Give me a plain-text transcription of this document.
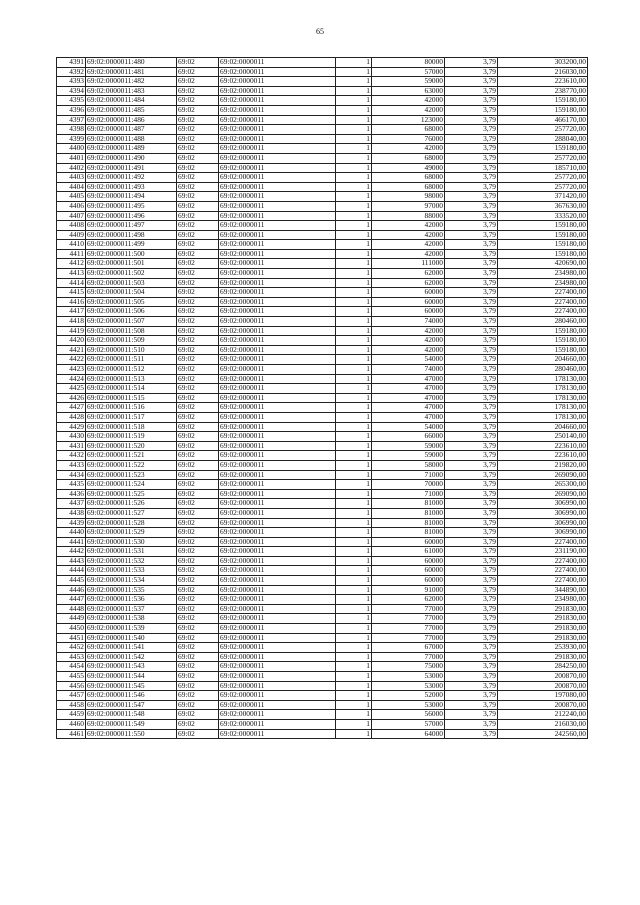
65
4391	69:02:0000011:480	69:02	69:02:0000011	1	80000	3,79	303200,00
4392	69:02:0000011:481	69:02	69:02:0000011	1	57000	3,79	216030,00
4393	69:02:0000011:482	69:02	69:02:0000011	1	59000	3,79	223610,00
4394	69:02:0000011:483	69:02	69:02:0000011	1	63000	3,79	238770,00
4395	69:02:0000011:484	69:02	69:02:0000011	1	42000	3,79	159180,00
4396	69:02:0000011:485	69:02	69:02:0000011	1	42000	3,79	159180,00
4397	69:02:0000011:486	69:02	69:02:0000011	1	123000	3,79	466170,00
4398	69:02:0000011:487	69:02	69:02:0000011	1	68000	3,79	257720,00
4399	69:02:0000011:488	69:02	69:02:0000011	1	76000	3,79	288040,00
4400	69:02:0000011:489	69:02	69:02:0000011	1	42000	3,79	159180,00
4401	69:02:0000011:490	69:02	69:02:0000011	1	68000	3,79	257720,00
4402	69:02:0000011:491	69:02	69:02:0000011	1	49000	3,79	185710,00
4403	69:02:0000011:492	69:02	69:02:0000011	1	68000	3,79	257720,00
4404	69:02:0000011:493	69:02	69:02:0000011	1	68000	3,79	257720,00
4405	69:02:0000011:494	69:02	69:02:0000011	1	98000	3,79	371420,00
4406	69:02:0000011:495	69:02	69:02:0000011	1	97000	3,79	367630,00
4407	69:02:0000011:496	69:02	69:02:0000011	1	88000	3,79	333520,00
4408	69:02:0000011:497	69:02	69:02:0000011	1	42000	3,79	159180,00
4409	69:02:0000011:498	69:02	69:02:0000011	1	42000	3,79	159180,00
4410	69:02:0000011:499	69:02	69:02:0000011	1	42000	3,79	159180,00
4411	69:02:0000011:500	69:02	69:02:0000011	1	42000	3,79	159180,00
4412	69:02:0000011:501	69:02	69:02:0000011	1	111000	3,79	420690,00
4413	69:02:0000011:502	69:02	69:02:0000011	1	62000	3,79	234980,00
4414	69:02:0000011:503	69:02	69:02:0000011	1	62000	3,79	234980,00
4415	69:02:0000011:504	69:02	69:02:0000011	1	60000	3,79	227400,00
4416	69:02:0000011:505	69:02	69:02:0000011	1	60000	3,79	227400,00
4417	69:02:0000011:506	69:02	69:02:0000011	1	60000	3,79	227400,00
4418	69:02:0000011:507	69:02	69:02:0000011	1	74000	3,79	280460,00
4419	69:02:0000011:508	69:02	69:02:0000011	1	42000	3,79	159180,00
4420	69:02:0000011:509	69:02	69:02:0000011	1	42000	3,79	159180,00
4421	69:02:0000011:510	69:02	69:02:0000011	1	42000	3,79	159180,00
4422	69:02:0000011:511	69:02	69:02:0000011	1	54000	3,79	204660,00
4423	69:02:0000011:512	69:02	69:02:0000011	1	74000	3,79	280460,00
4424	69:02:0000011:513	69:02	69:02:0000011	1	47000	3,79	178130,00
4425	69:02:0000011:514	69:02	69:02:0000011	1	47000	3,79	178130,00
4426	69:02:0000011:515	69:02	69:02:0000011	1	47000	3,79	178130,00
4427	69:02:0000011:516	69:02	69:02:0000011	1	47000	3,79	178130,00
4428	69:02:0000011:517	69:02	69:02:0000011	1	47000	3,79	178130,00
4429	69:02:0000011:518	69:02	69:02:0000011	1	54000	3,79	204660,00
4430	69:02:0000011:519	69:02	69:02:0000011	1	66000	3,79	250140,00
4431	69:02:0000011:520	69:02	69:02:0000011	1	59000	3,79	223610,00
4432	69:02:0000011:521	69:02	69:02:0000011	1	59000	3,79	223610,00
4433	69:02:0000011:522	69:02	69:02:0000011	1	58000	3,79	219820,00
4434	69:02:0000011:523	69:02	69:02:0000011	1	71000	3,79	269090,00
4435	69:02:0000011:524	69:02	69:02:0000011	1	70000	3,79	265300,00
4436	69:02:0000011:525	69:02	69:02:0000011	1	71000	3,79	269090,00
4437	69:02:0000011:526	69:02	69:02:0000011	1	81000	3,79	306990,00
4438	69:02:0000011:527	69:02	69:02:0000011	1	81000	3,79	306990,00
4439	69:02:0000011:528	69:02	69:02:0000011	1	81000	3,79	306990,00
4440	69:02:0000011:529	69:02	69:02:0000011	1	81000	3,79	306990,00
4441	69:02:0000011:530	69:02	69:02:0000011	1	60000	3,79	227400,00
4442	69:02:0000011:531	69:02	69:02:0000011	1	61000	3,79	231190,00
4443	69:02:0000011:532	69:02	69:02:0000011	1	60000	3,79	227400,00
4444	69:02:0000011:533	69:02	69:02:0000011	1	60000	3,79	227400,00
4445	69:02:0000011:534	69:02	69:02:0000011	1	60000	3,79	227400,00
4446	69:02:0000011:535	69:02	69:02:0000011	1	91000	3,79	344890,00
4447	69:02:0000011:536	69:02	69:02:0000011	1	62000	3,79	234980,00
4448	69:02:0000011:537	69:02	69:02:0000011	1	77000	3,79	291830,00
4449	69:02:0000011:538	69:02	69:02:0000011	1	77000	3,79	291830,00
4450	69:02:0000011:539	69:02	69:02:0000011	1	77000	3,79	291830,00
4451	69:02:0000011:540	69:02	69:02:0000011	1	77000	3,79	291830,00
4452	69:02:0000011:541	69:02	69:02:0000011	1	67000	3,79	253930,00
4453	69:02:0000011:542	69:02	69:02:0000011	1	77000	3,79	291830,00
4454	69:02:0000011:543	69:02	69:02:0000011	1	75000	3,79	284250,00
4455	69:02:0000011:544	69:02	69:02:0000011	1	53000	3,79	200870,00
4456	69:02:0000011:545	69:02	69:02:0000011	1	53000	3,79	200870,00
4457	69:02:0000011:546	69:02	69:02:0000011	1	52000	3,79	197080,00
4458	69:02:0000011:547	69:02	69:02:0000011	1	53000	3,79	200870,00
4459	69:02:0000011:548	69:02	69:02:0000011	1	56000	3,79	212240,00
4460	69:02:0000011:549	69:02	69:02:0000011	1	57000	3,79	216030,00
4461	69:02:0000011:550	69:02	69:02:0000011	1	64000	3,79	242560,00
